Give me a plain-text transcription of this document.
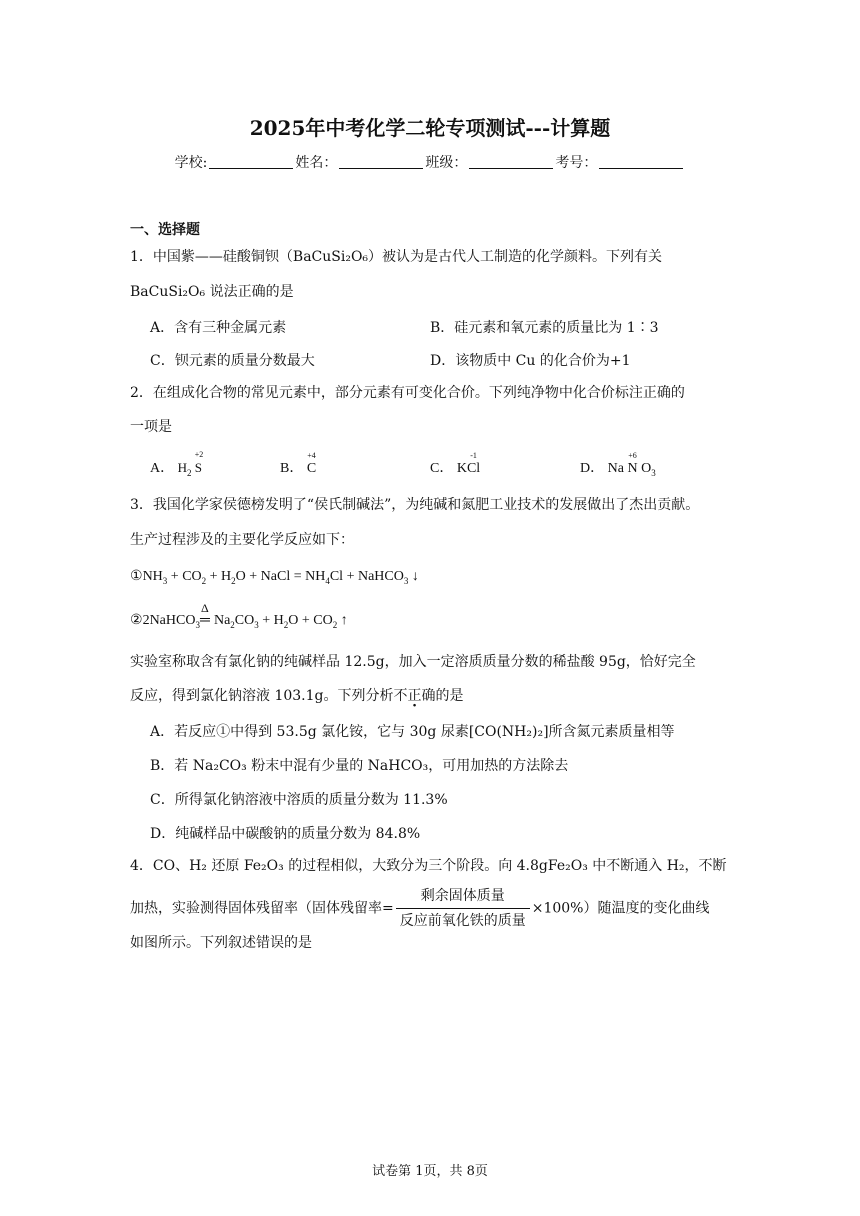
2025年中考化学二轮专项测试---计算题
学校:	姓名：	班级：	考号：
一、选择题
1．中国紫——硅酸铜钡（BaCuSi₂O₆）被认为是古代人工制造的化学颜料。下列有关
BaCuSi₂O₆ 说法正确的是
A．含有三种金属元素	B．硅元素和氧元素的质量比为 1∶3
C．钡元素的质量分数最大	D．该物质中 Cu 的化合价为+1
2．在组成化合物的常见元素中，部分元素有可变化合价。下列纯净物中化合价标注正确的
一项是
A． $H_2$ S
+2
B． C
+4
C． KCl
-1
D． Na N
+6
$O_3$
3．我国化学家侯德榜发明了“侯氏制碱法”，为纯碱和氮肥工业技术的发展做出了杰出贡献。
生产过程涉及的主要化学反应如下：
$①NH_3 + CO_2 + H_2O$ + NaCl = $NH_4Cl$ + NaHCO$_3$ ↓
②2NaHCO$_3$
Δ
═ $Na_2CO_3 + H_2O + CO_2$ ↑
实验室称取含有氯化钠的纯碱样品 12.5g，加入一定溶质质量分数的稀盐酸 95g，恰好完全
反应，得到氯化钠溶液 103.1g。下列分析不正确的是
A．若反应①中得到 53.5g 氯化铵，它与 30g 尿素[CO(NH₂)₂]所含氮元素质量相等
B．若 Na₂CO₃ 粉末中混有少量的 NaHCO₃，可用加热的方法除去
C．所得氯化钠溶液中溶质的质量分数为 11.3%
D．纯碱样品中碳酸钠的质量分数为 84.8%
4．CO、H₂ 还原 Fe₂O₃ 的过程相似，大致分为三个阶段。向 4.8gFe₂O₃ 中不断通入 H₂，不断
加热，实验测得固体残留率（固体残留率= $\frac{\text{剩余固体质量}}{\text{反应前氧化铁的质量}} \times 100\%$）随温度的变化曲线
如图所示。下列叙述错误的是
试卷第 1页，共 8页
